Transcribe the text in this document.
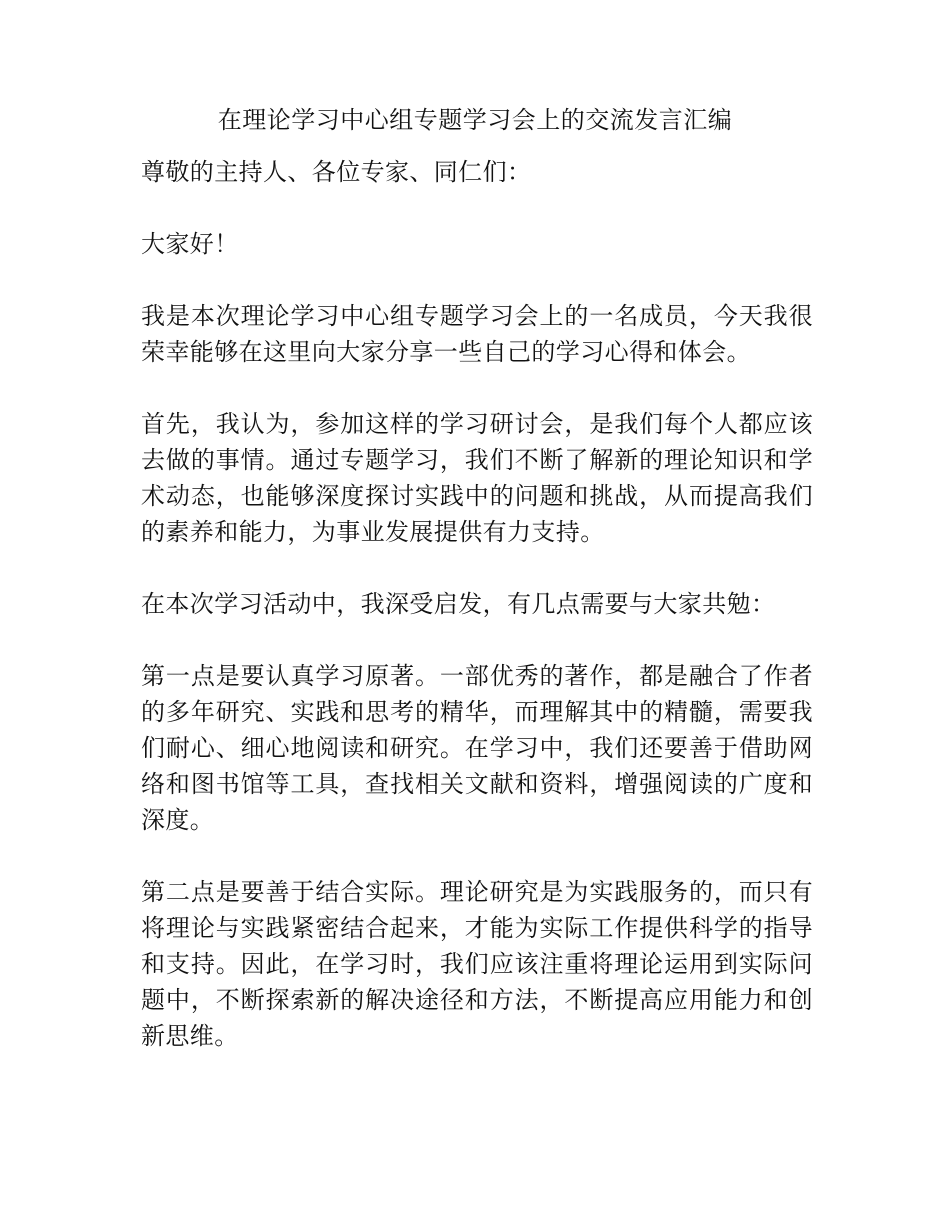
在理论学习中心组专题学习会上的交流发言汇编

尊敬的主持人、各位专家、同仁们：

大家好！

我是本次理论学习中心组专题学习会上的一名成员，今天我很荣幸能够在这里向大家分享一些自己的学习心得和体会。

首先，我认为，参加这样的学习研讨会，是我们每个人都应该去做的事情。通过专题学习，我们不断了解新的理论知识和学术动态，也能够深度探讨实践中的问题和挑战，从而提高我们的素养和能力，为事业发展提供有力支持。

在本次学习活动中，我深受启发，有几点需要与大家共勉：

第一点是要认真学习原著。一部优秀的著作，都是融合了作者的多年研究、实践和思考的精华，而理解其中的精髓，需要我们耐心、细心地阅读和研究。在学习中，我们还要善于借助网络和图书馆等工具，查找相关文献和资料，增强阅读的广度和深度。

第二点是要善于结合实际。理论研究是为实践服务的，而只有将理论与实践紧密结合起来，才能为实际工作提供科学的指导和支持。因此，在学习时，我们应该注重将理论运用到实际问题中，不断探索新的解决途径和方法，不断提高应用能力和创新思维。
